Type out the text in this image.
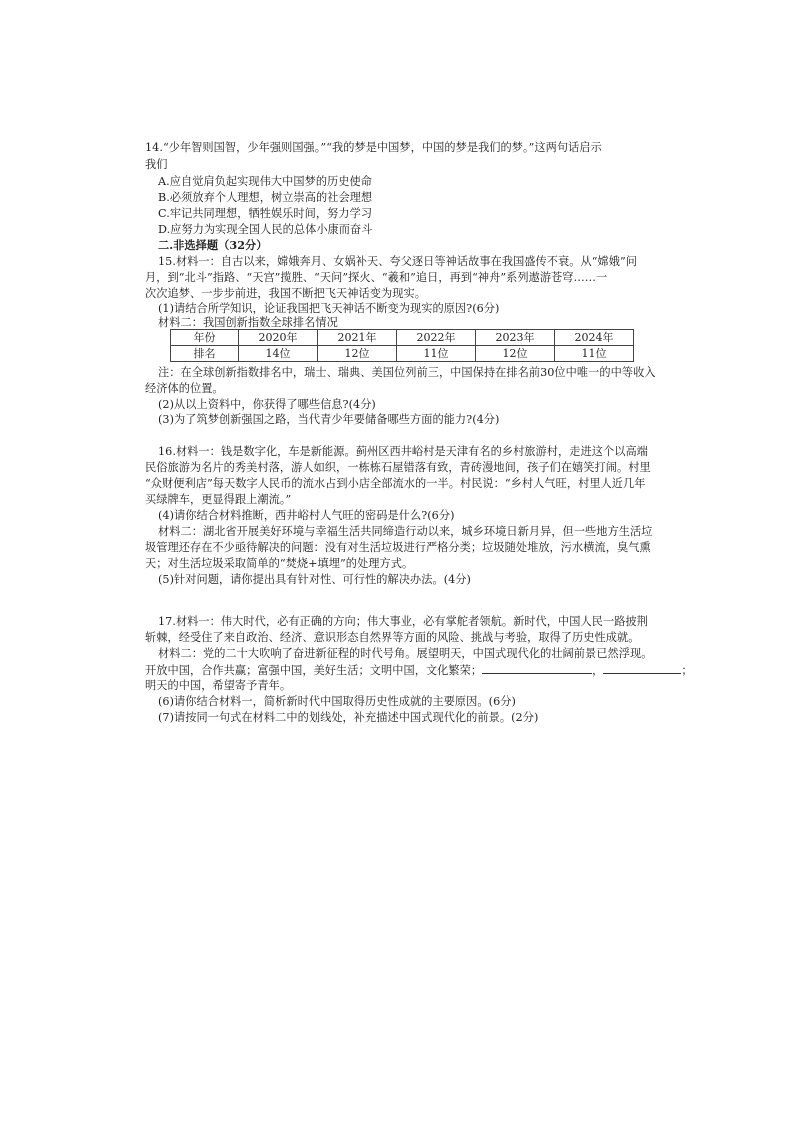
14.“少年智则国智，少年强则国强。”“我的梦是中国梦，中国的梦是我们的梦。”这两句话启示
我们
A.应自觉肩负起实现伟大中国梦的历史使命
B.必须放弃个人理想，树立崇高的社会理想
C.牢记共同理想，牺牲娱乐时间，努力学习
D.应努力为实现全国人民的总体小康而奋斗
二.非选择题（32分）
15.材料一：自古以来，嫦娥奔月、女娲补天、夸父逐日等神话故事在我国盛传不衰。从“嫦娥”问
月，到“北斗”指路、“天宫”揽胜、“天问”探火、“羲和”追日，再到“神舟”系列遨游苍穹……一
次次追梦、一步步前进，我国不断把飞天神话变为现实。
(1)请结合所学知识，论证我国把飞天神话不断变为现实的原因?(6分)
材料二：我国创新指数全球排名情况
年份	2020年	2021年	2022年	2023年	2024年
排名	14位	12位	11位	12位	11位
注：在全球创新指数排名中，瑞士、瑞典、美国位列前三，中国保持在排名前30位中唯一的中等收入
经济体的位置。
(2)从以上资料中，你获得了哪些信息?(4分)
(3)为了筑梦创新强国之路，当代青少年要储备哪些方面的能力?(4分)
16.材料一：钱是数字化，车是新能源。蓟州区西井峪村是天津有名的乡村旅游村，走进这个以高端
民俗旅游为名片的秀美村落，游人如织，一栋栋石屋错落有致，青砖漫地间，孩子们在嬉笑打闹。村里
“众财便利店”每天数字人民币的流水占到小店全部流水的一半。村民说：“乡村人气旺，村里人近几年
买绿牌车，更显得跟上潮流。”
(4)请你结合材料推断，西井峪村人气旺的密码是什么?(6分)
材料二：湖北省开展美好环境与幸福生活共同缔造行动以来，城乡环境日新月异，但一些地方生活垃
圾管理还存在不少亟待解决的问题：没有对生活垃圾进行严格分类；垃圾随处堆放，污水横流，臭气熏
天；对生活垃圾采取简单的“焚烧+填埋”的处理方式。
(5)针对问题，请你提出具有针对性、可行性的解决办法。(4分)
17.材料一：伟大时代，必有正确的方向；伟大事业，必有掌舵者领航。新时代，中国人民一路披荆
斩棘，经受住了来自政治、经济、意识形态自然界等方面的风险、挑战与考验，取得了历史性成就。
材料二：党的二十大吹响了奋进新征程的时代号角。展望明天，中国式现代化的壮阔前景已然浮现。
开放中国，合作共赢；富强中国，美好生活；文明中国，文化繁荣；	，	；
明天的中国，希望寄予青年。
(6)请你结合材料一，简析新时代中国取得历史性成就的主要原因。(6分)
(7)请按同一句式在材料二中的划线处，补充描述中国式现代化的前景。(2分)
